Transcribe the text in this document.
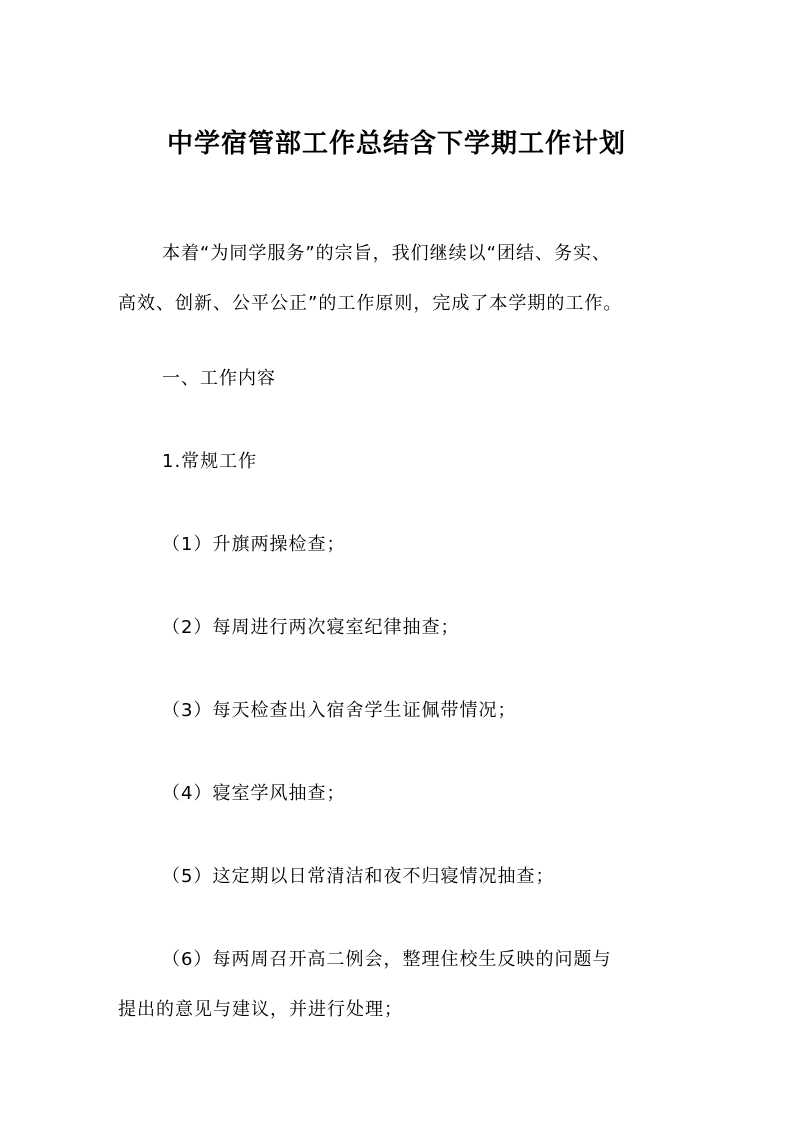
中学宿管部工作总结含下学期工作计划

本着“为同学服务”的宗旨，我们继续以“团结、务实、
高效、创新、公平公正”的工作原则，完成了本学期的工作。

一、工作内容

1.常规工作

（1）升旗两操检查；

（2）每周进行两次寝室纪律抽查；

（3）每天检查出入宿舍学生证佩带情况；

（4）寝室学风抽查；

（5）这定期以日常清洁和夜不归寝情况抽查；

（6）每两周召开高二例会，整理住校生反映的问题与
提出的意见与建议，并进行处理；
